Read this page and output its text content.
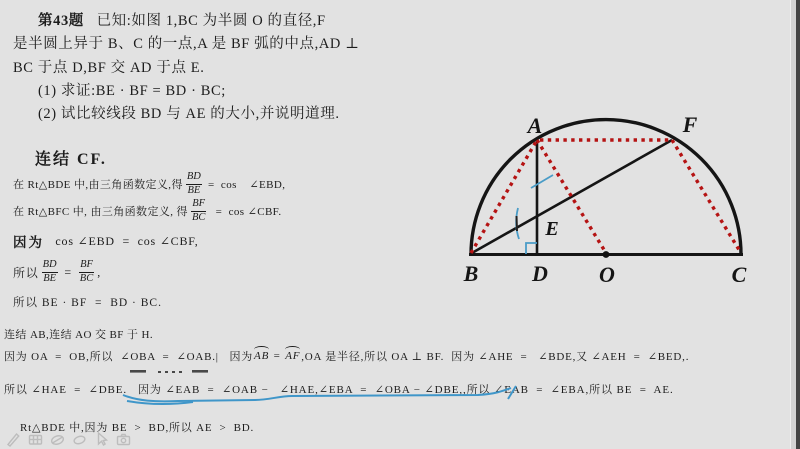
第43题   已知:如图 1,BC 为半圆 O 的直径,F
是半圆上异于 B、C 的一点,A 是 BF 弧的中点,AD ⊥
BC 于点 D,BF 交 AD 于点 E.
(1) 求证:BE · BF = BD · BC;
(2) 试比较线段 BD 与 AE 的大小,并说明道理.
连结 CF.
在 Rt△BDE 中,由三角函数定义,得 $\frac{BD}{BE} = \cos$    ∠EBD,
在 Rt△BFC 中, 由三角函数定义, 得 $\frac{BF}{BC} = \cos$ ∠CBF.
因为 cos ∠EBD  =  cos ∠CBF,
所以 $\frac{BD}{BE} = \frac{BF}{BC}$ ,
所以 BE · BF  =  BD · BC.
连结 AB,连结 AO 交 BF 于 H.
因为 OA  =  OB,所以  ∠OBA  =  ∠OAB.|   因为 AB = AF ,OA 是半径,所以 OA ⊥ BF.  因为 ∠AHE  =   ∠BDE,又 ∠AEH  =  ∠BED,.
所以 ∠HAE  =  ∠DBE.   因为 ∠EAB  =  ∠OAB −   ∠HAE,∠EBA  =  ∠OBA − ∠DBE,,所以 ∠EAB  =  ∠EBA,所以 BE  =  AE.
Rt△BDE 中,因为 BE  >  BD,所以 AE  >  BD.
A	F
B D O	C
E
